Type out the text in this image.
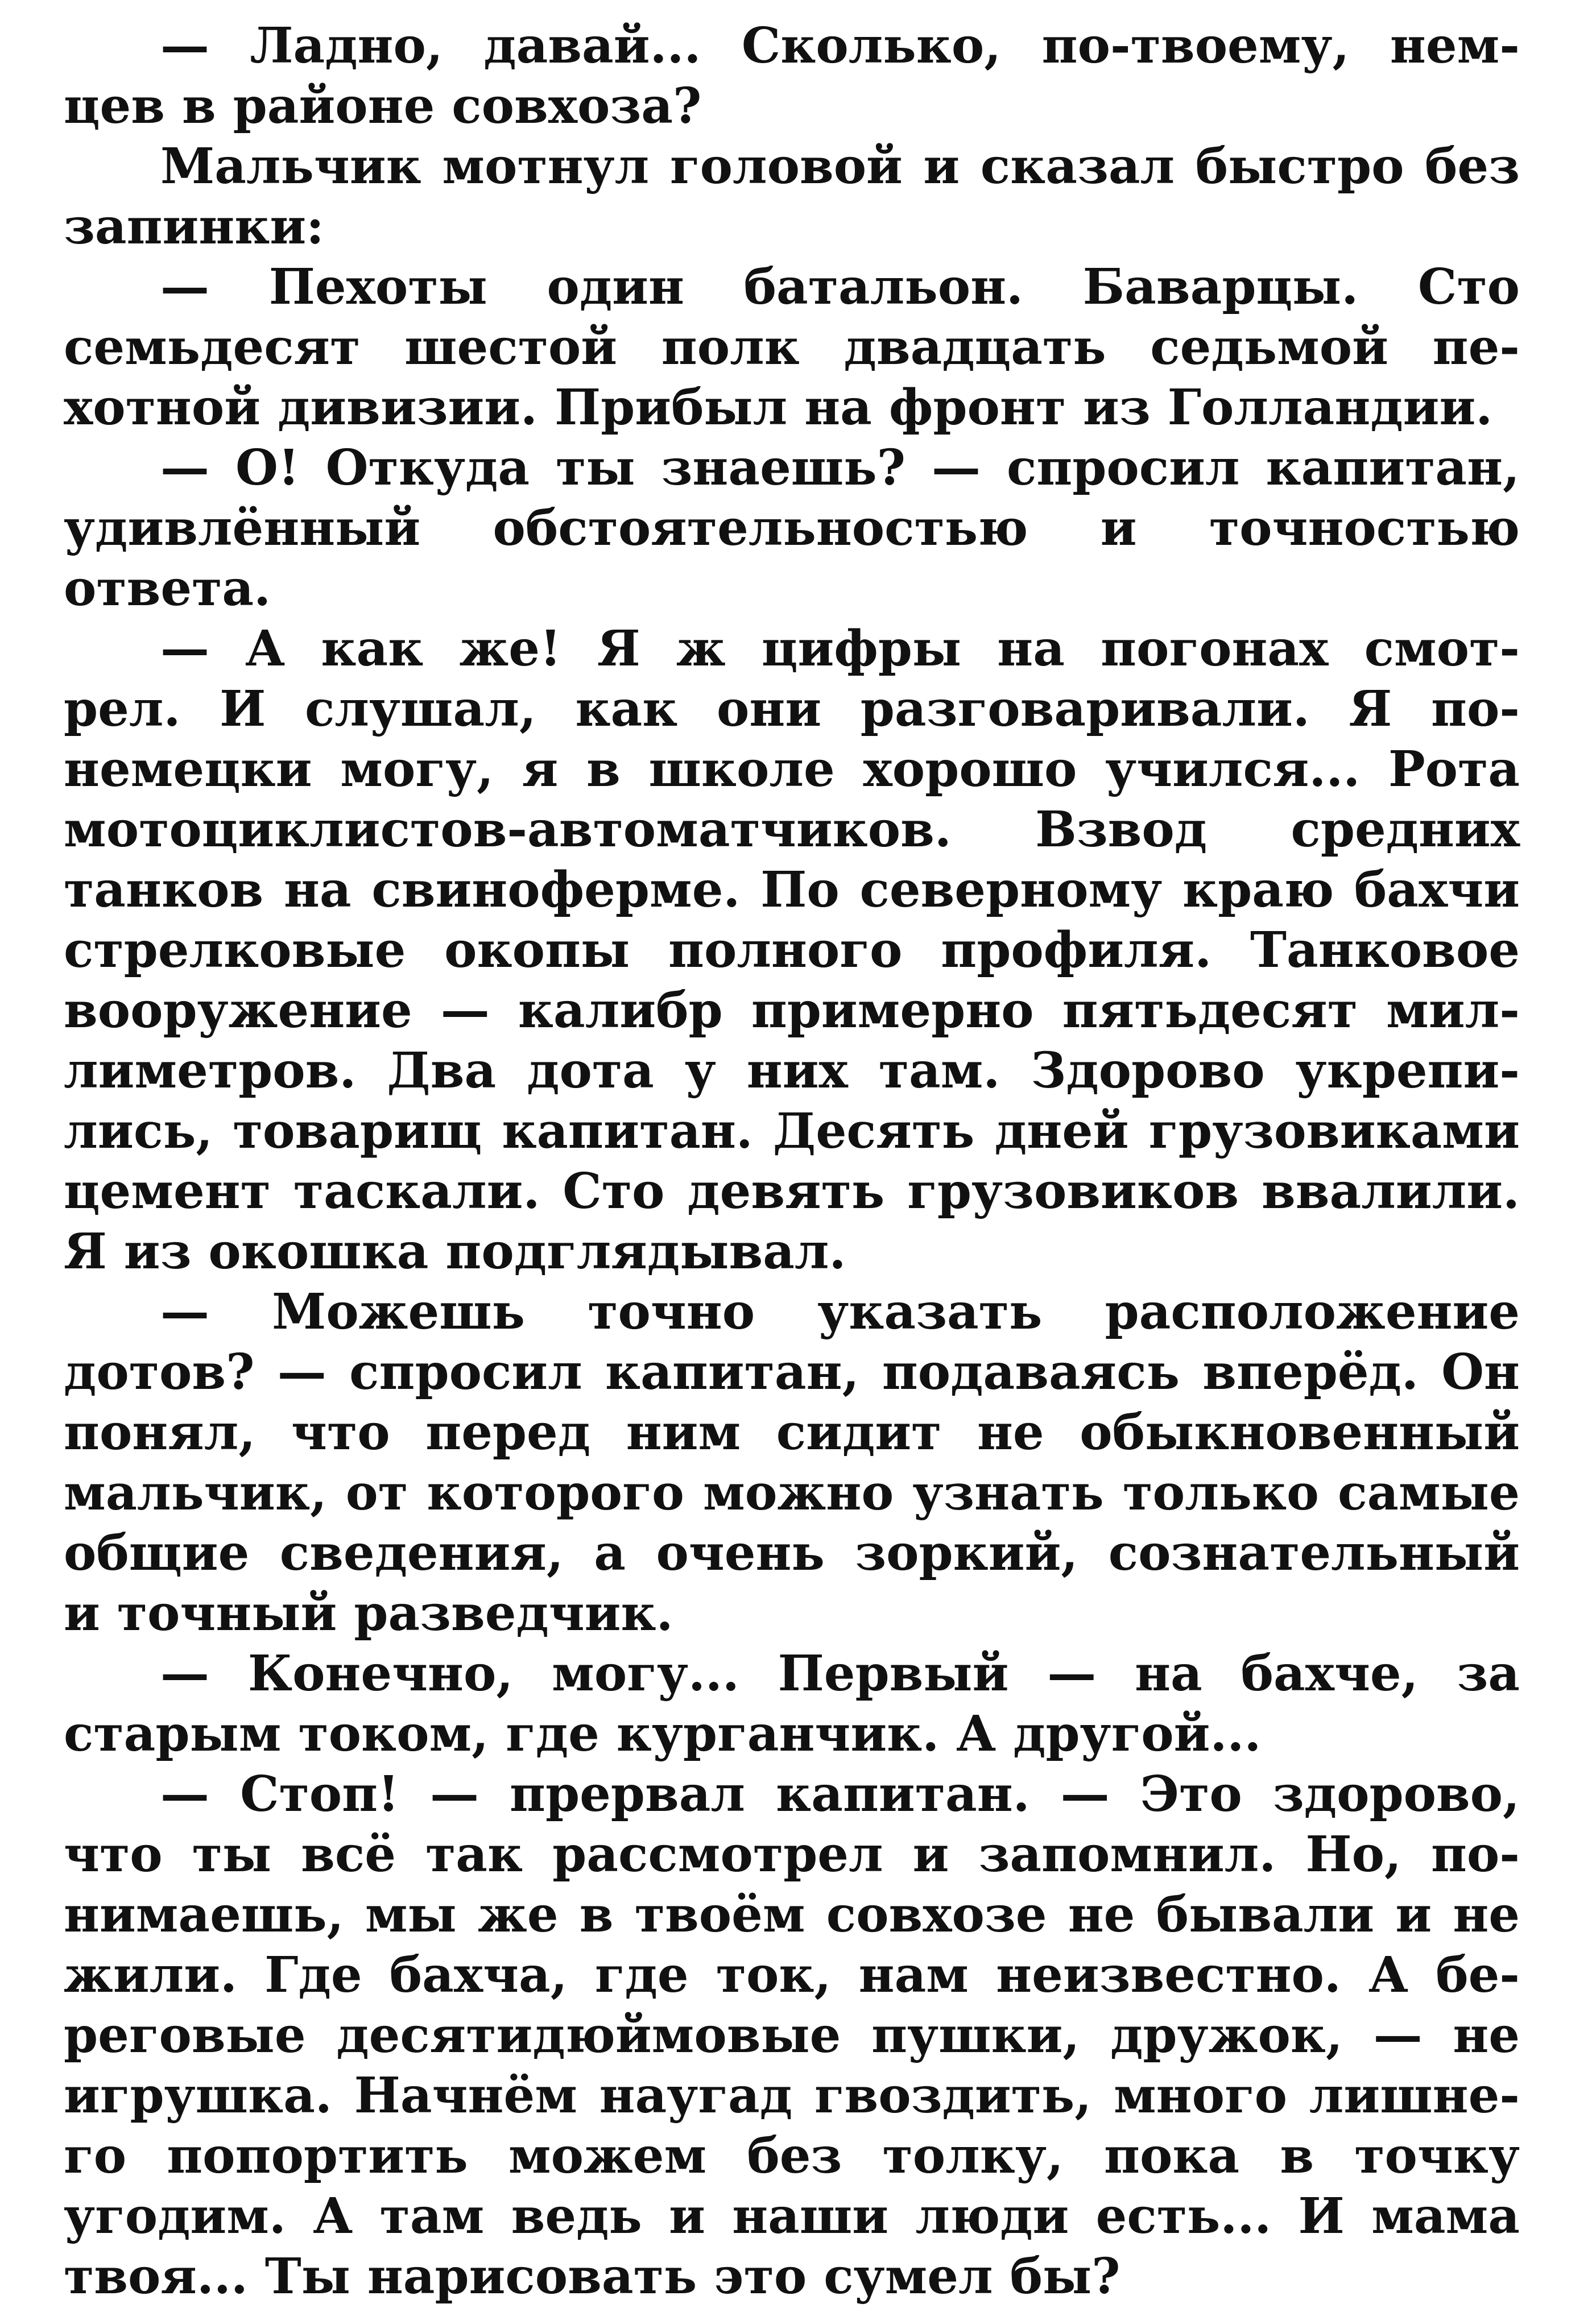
— Ладно, давай... Сколько, по-твоему, нем-
цев в районе совхоза?
Мальчик мотнул головой и сказал быстро без
запинки:
— Пехоты один батальон. Баварцы. Сто
семьдесят шестой полк двадцать седьмой пе-
хотной дивизии. Прибыл на фронт из Голландии.
— О! Откуда ты знаешь? — спросил капитан,
удивлённый обстоятельностью и точностью
ответа.
— А как же! Я ж цифры на погонах смот-
рел. И слушал, как они разговаривали. Я по-
немецки могу, я в школе хорошо учился... Рота
мотоциклистов-автоматчиков. Взвод средних
танков на свиноферме. По северному краю бахчи
стрелковые окопы полного профиля. Танковое
вооружение — калибр примерно пятьдесят мил-
лиметров. Два дота у них там. Здорово укрепи-
лись, товарищ капитан. Десять дней грузовиками
цемент таскали. Сто девять грузовиков ввалили.
Я из окошка подглядывал.
— Можешь точно указать расположение
дотов? — спросил капитан, подаваясь вперёд. Он
понял, что перед ним сидит не обыкновенный
мальчик, от которого можно узнать только самые
общие сведения, а очень зоркий, сознательный
и точный разведчик.
— Конечно, могу... Первый — на бахче, за
старым током, где курганчик. А другой...
— Стоп! — прервал капитан. — Это здорово,
что ты всё так рассмотрел и запомнил. Но, по-
нимаешь, мы же в твоём совхозе не бывали и не
жили. Где бахча, где ток, нам неизвестно. А бе-
реговые десятидюймовые пушки, дружок, — не
игрушка. Начнём наугад гвоздить, много лишне-
го попортить можем без толку, пока в точку
угодим. А там ведь и наши люди есть... И мама
твоя... Ты нарисовать это сумел бы?
